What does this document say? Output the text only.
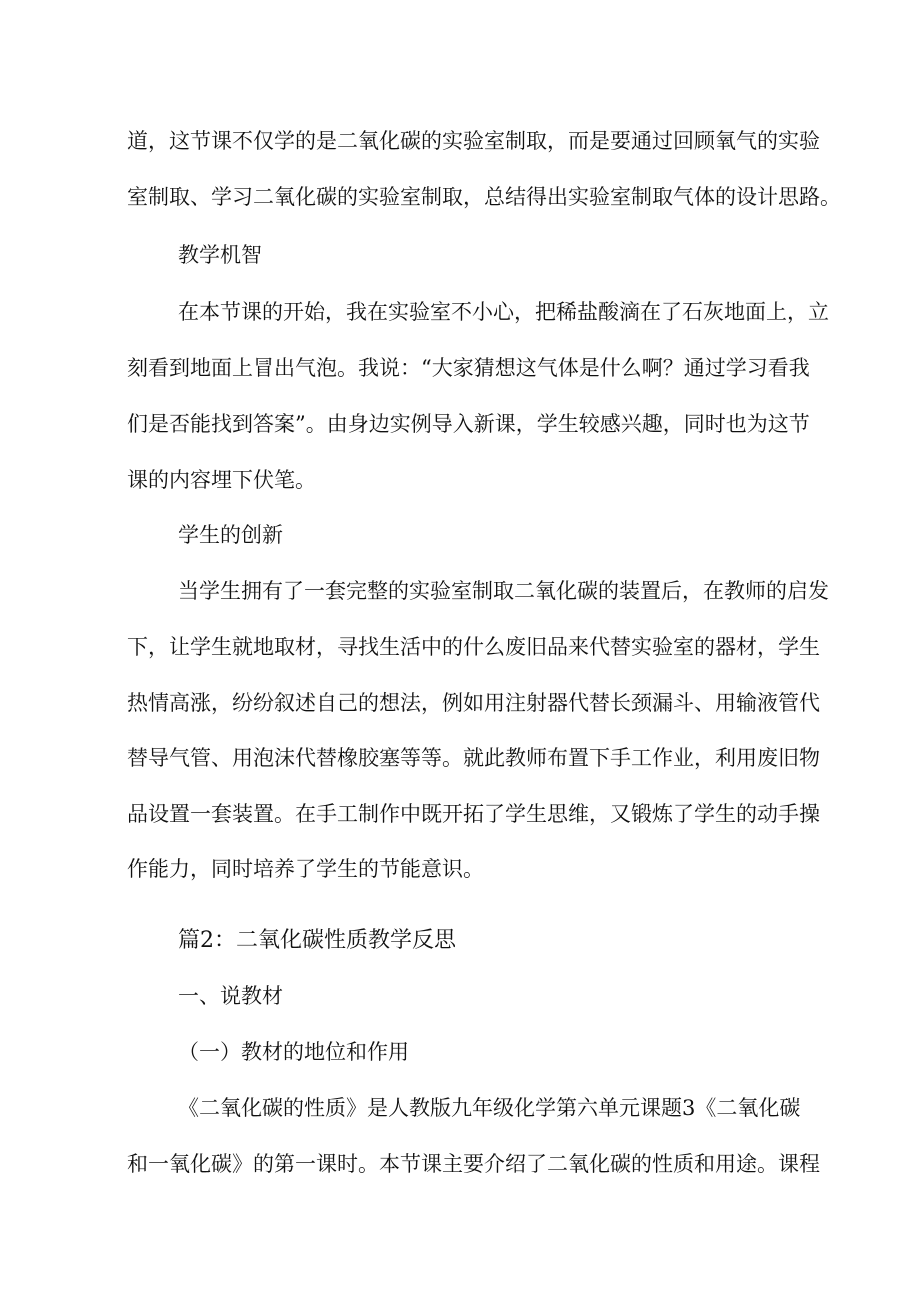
道，这节课不仅学的是二氧化碳的实验室制取，而是要通过回顾氧气的实验
室制取、学习二氧化碳的实验室制取，总结得出实验室制取气体的设计思路。
教学机智
在本节课的开始，我在实验室不小心，把稀盐酸滴在了石灰地面上，立
刻看到地面上冒出气泡。我说：“大家猜想这气体是什么啊？通过学习看我
们是否能找到答案”。由身边实例导入新课，学生较感兴趣，同时也为这节
课的内容埋下伏笔。
学生的创新
当学生拥有了一套完整的实验室制取二氧化碳的装置后，在教师的启发
下，让学生就地取材，寻找生活中的什么废旧品来代替实验室的器材，学生
热情高涨，纷纷叙述自己的想法，例如用注射器代替长颈漏斗、用输液管代
替导气管、用泡沫代替橡胶塞等等。就此教师布置下手工作业，利用废旧物
品设置一套装置。在手工制作中既开拓了学生思维，又锻炼了学生的动手操
作能力，同时培养了学生的节能意识。
篇2：二氧化碳性质教学反思
一、说教材
（一）教材的地位和作用
《二氧化碳的性质》是人教版九年级化学第六单元课题3《二氧化碳
和一氧化碳》的第一课时。本节课主要介绍了二氧化碳的性质和用途。课程
